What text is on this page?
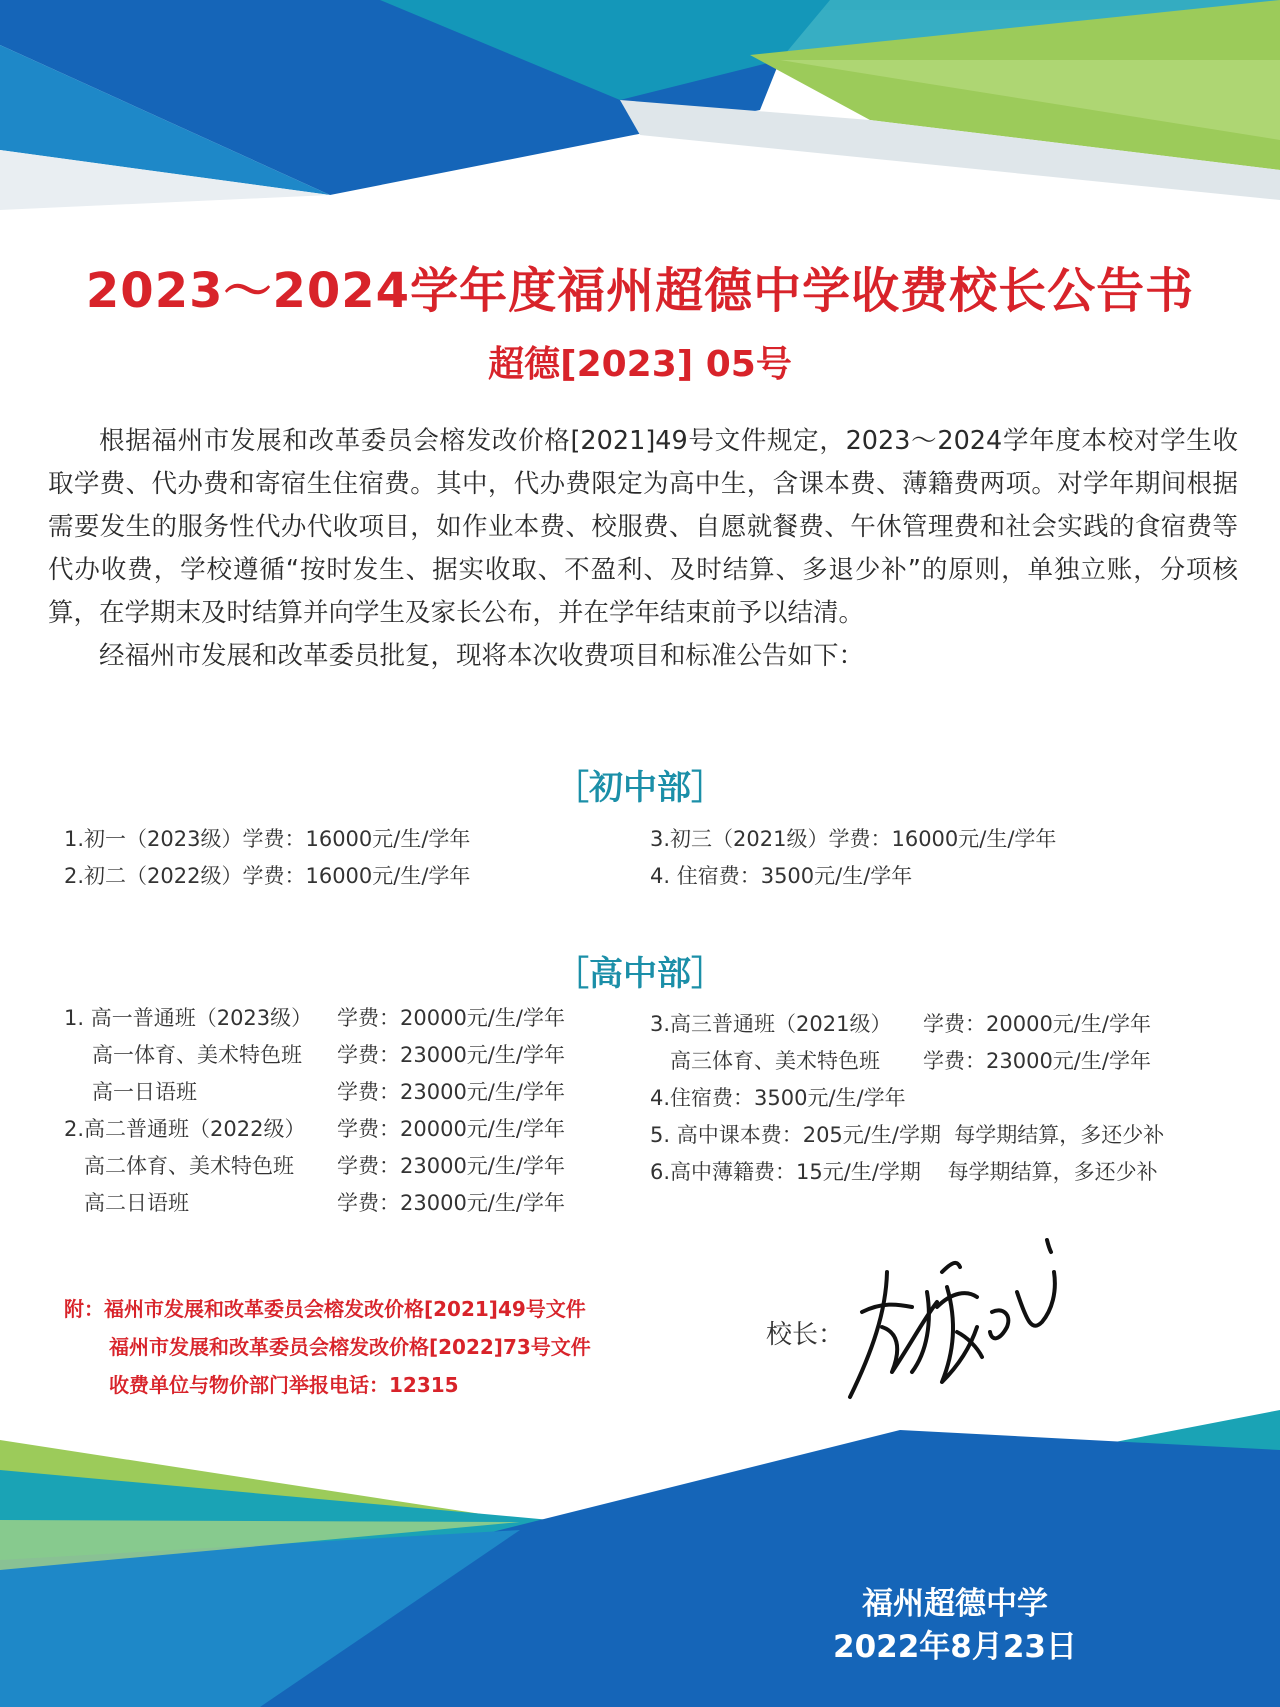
2023～2024学年度福州超德中学收费校长公告书
超德[2023] 05号

根据福州市发展和改革委员会榕发改价格[2021]49号文件规定，2023～2024学年度本校对学生收取学费、代办费和寄宿生住宿费。其中，代办费限定为高中生，含课本费、薄籍费两项。对学年期间根据需要发生的服务性代办代收项目，如作业本费、校服费、自愿就餐费、午休管理费和社会实践的食宿费等代办收费，学校遵循“按时发生、据实收取、不盈利、及时结算、多退少补”的原则，单独立账，分项核算，在学期末及时结算并向学生及家长公布，并在学年结束前予以结清。

经福州市发展和改革委员批复，现将本次收费项目和标准公告如下：

［初中部］
1.初一（2023级）学费：16000元/生/学年
2.初二（2022级）学费：16000元/生/学年
3.初三（2021级）学费：16000元/生/学年
4. 住宿费：3500元/生/学年
［高中部］
1. 高一普通班（2023级） 学费：20000元/生/学年
高一体育、美术特色班 学费：23000元/生/学年
高一日语班	学费：23000元/生/学年
2.高二普通班（2022级） 学费：20000元/生/学年
高二体育、美术特色班 学费：23000元/生/学年
高二日语班	学费：23000元/生/学年
3.高三普通班（2021级） 学费：20000元/生/学年
高三体育、美术特色班 学费：23000元/生/学年
4.住宿费：3500元/生/学年
5. 高中课本费：205元/生/学期  每学期结算，多还少补
6.高中薄籍费：15元/生/学期    每学期结算，多还少补
附：福州市发展和改革委员会榕发改价格[2021]49号文件
福州市发展和改革委员会榕发改价格[2022]73号文件
收费单位与物价部门举报电话：12315
校长：
福州超德中学
2022年8月23日
